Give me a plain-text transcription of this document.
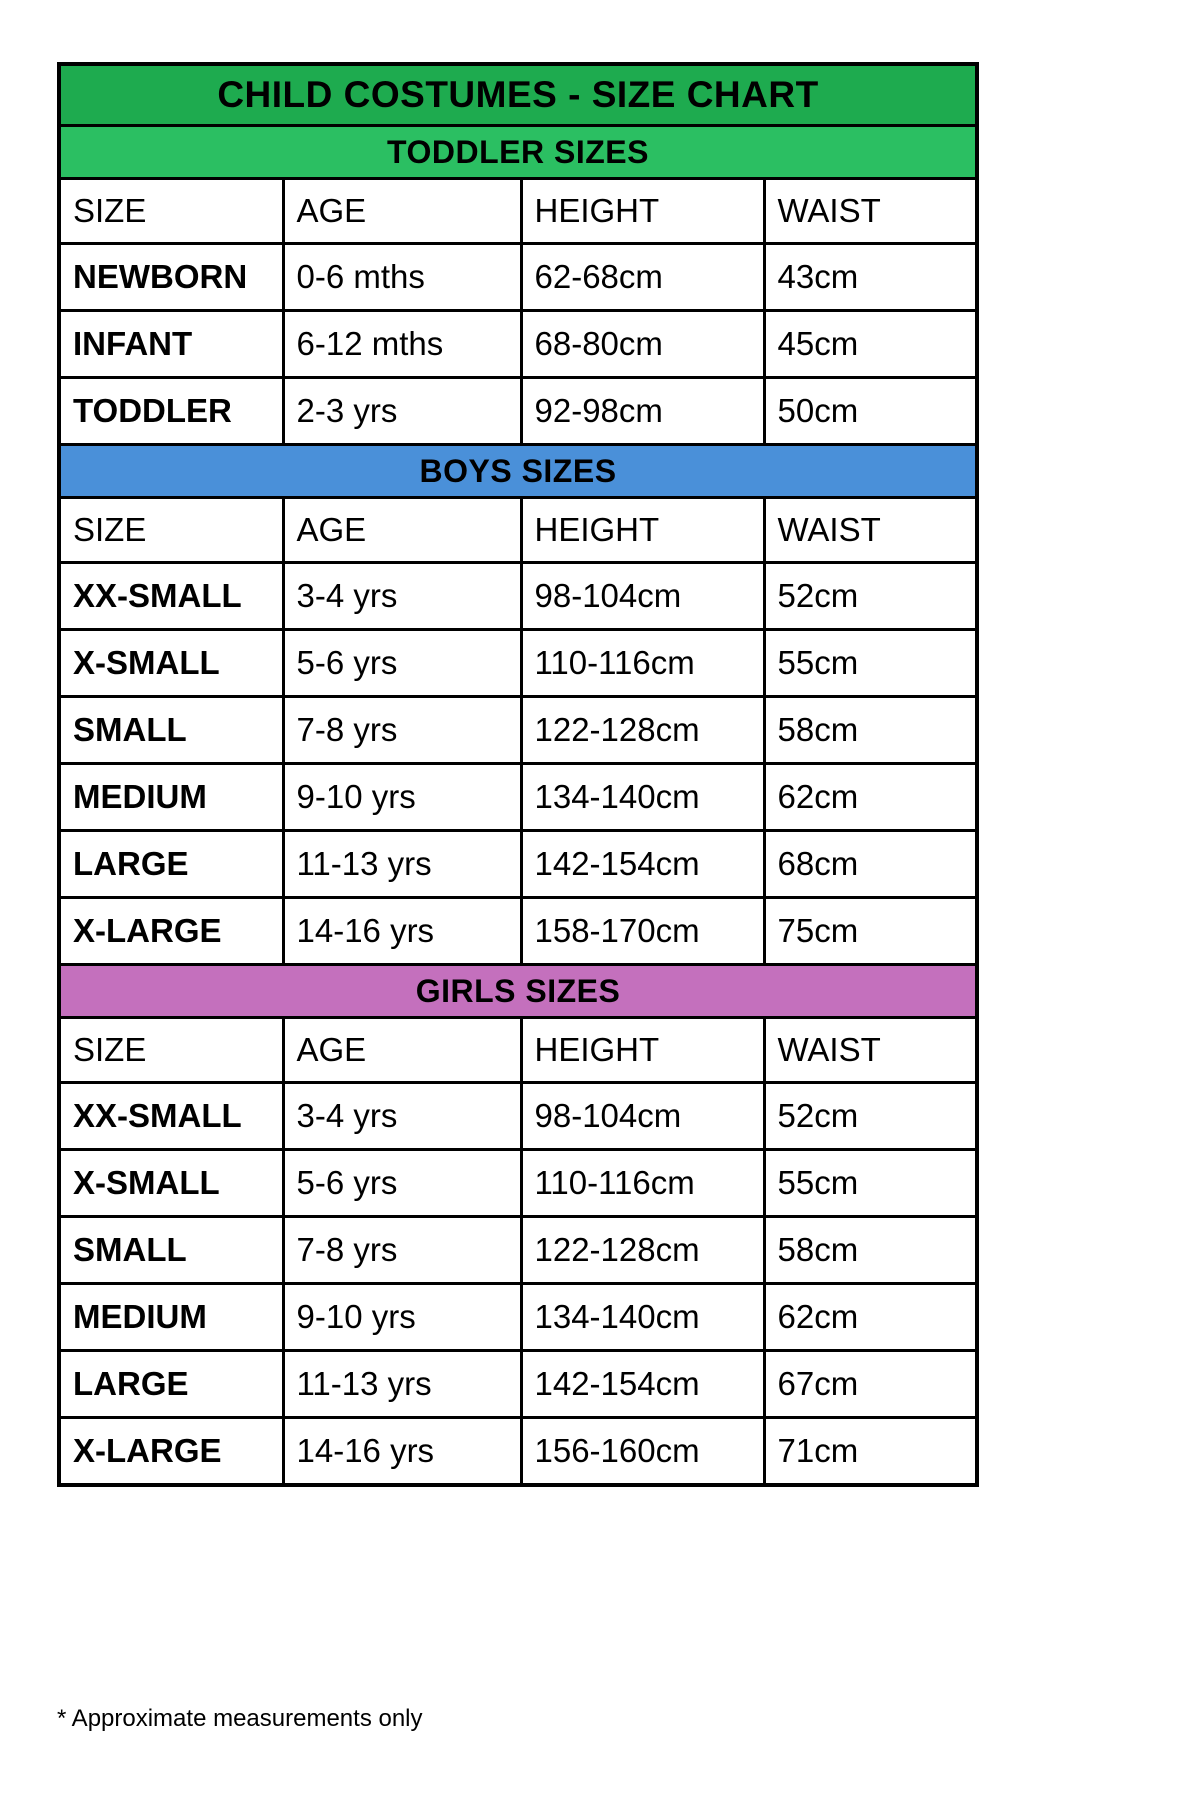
CHILD COSTUMES - SIZE CHART			
TODDLER SIZES			
SIZE	AGE	HEIGHT	WAIST
NEWBORN	0-6 mths	62-68cm	43cm
INFANT	6-12 mths	68-80cm	45cm
TODDLER	2-3 yrs	92-98cm	50cm
BOYS SIZES			
SIZE	AGE	HEIGHT	WAIST
XX-SMALL	3-4 yrs	98-104cm	52cm
X-SMALL	5-6 yrs	110-116cm	55cm
SMALL	7-8 yrs	122-128cm	58cm
MEDIUM	9-10 yrs	134-140cm	62cm
LARGE	11-13 yrs	142-154cm	68cm
X-LARGE	14-16 yrs	158-170cm	75cm
GIRLS SIZES			
SIZE	AGE	HEIGHT	WAIST
XX-SMALL	3-4 yrs	98-104cm	52cm
X-SMALL	5-6 yrs	110-116cm	55cm
SMALL	7-8 yrs	122-128cm	58cm
MEDIUM	9-10 yrs	134-140cm	62cm
LARGE	11-13 yrs	142-154cm	67cm
X-LARGE	14-16 yrs	156-160cm	71cm
* Approximate measurements only
